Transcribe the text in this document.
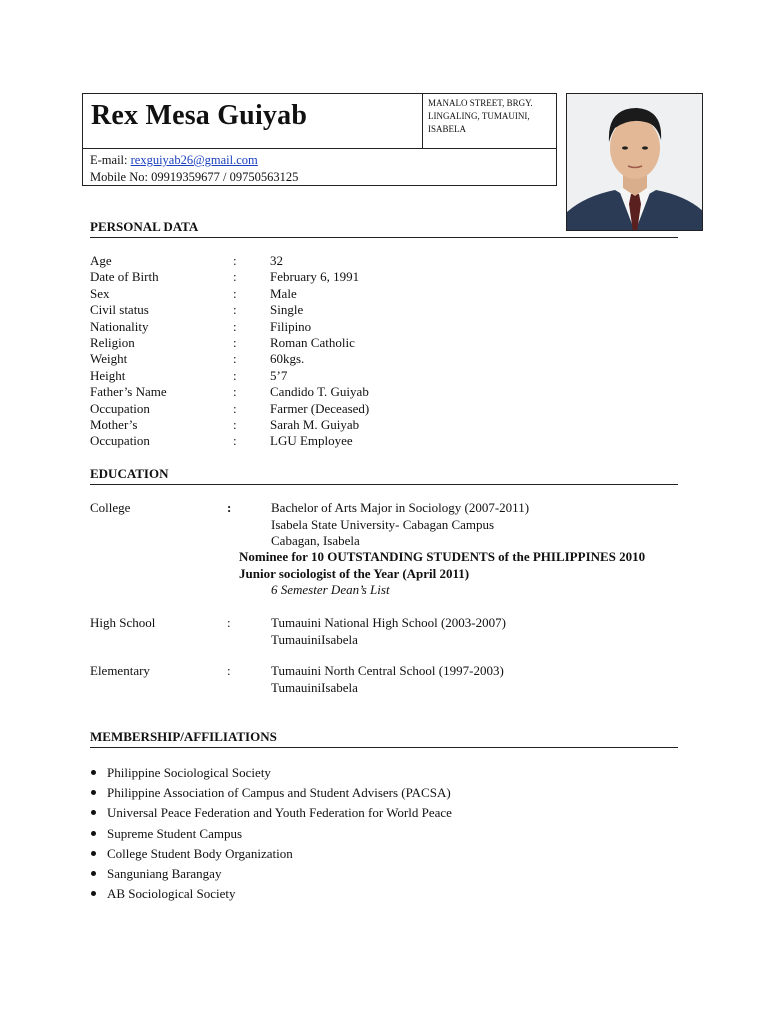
Rex Mesa Guiyab	MANALO STREET, BRGY.
LINGALING, TUMAUINI,
ISABELA
E-mail: rexguiyab26@gmail.com
Mobile No: 09919359677 / 09750563125
PERSONAL DATA
Age	:	32
Date of Birth	:	February 6, 1991
Sex	:	Male
Civil status	:	Single
Nationality	:	Filipino
Religion	:	Roman Catholic
Weight	:	60kgs.
Height	:	5’7
Father’s Name	:	Candido T. Guiyab
Occupation	:	Farmer (Deceased)
Mother’s	:	Sarah M. Guiyab
Occupation	:	LGU Employee
EDUCATION
College	:	Bachelor of Arts Major in Sociology (2007-2011)
Isabela State University- Cabagan Campus
Cabagan, Isabela
Nominee for 10 OUTSTANDING STUDENTS of the PHILIPPINES 2010
Junior sociologist of the Year (April 2011)
6 Semester Dean’s List
High School	:	Tumauini National High School (2003-2007)
TumauiniIsabela
Elementary	:	Tumauini North Central School (1997-2003)
TumauiniIsabela
MEMBERSHIP/AFFILIATIONS
Philippine Sociological Society
Philippine Association of Campus and Student Advisers (PACSA)
Universal Peace Federation and Youth Federation for World Peace
Supreme Student Campus
College Student Body Organization
Sanguniang Barangay
AB Sociological Society
